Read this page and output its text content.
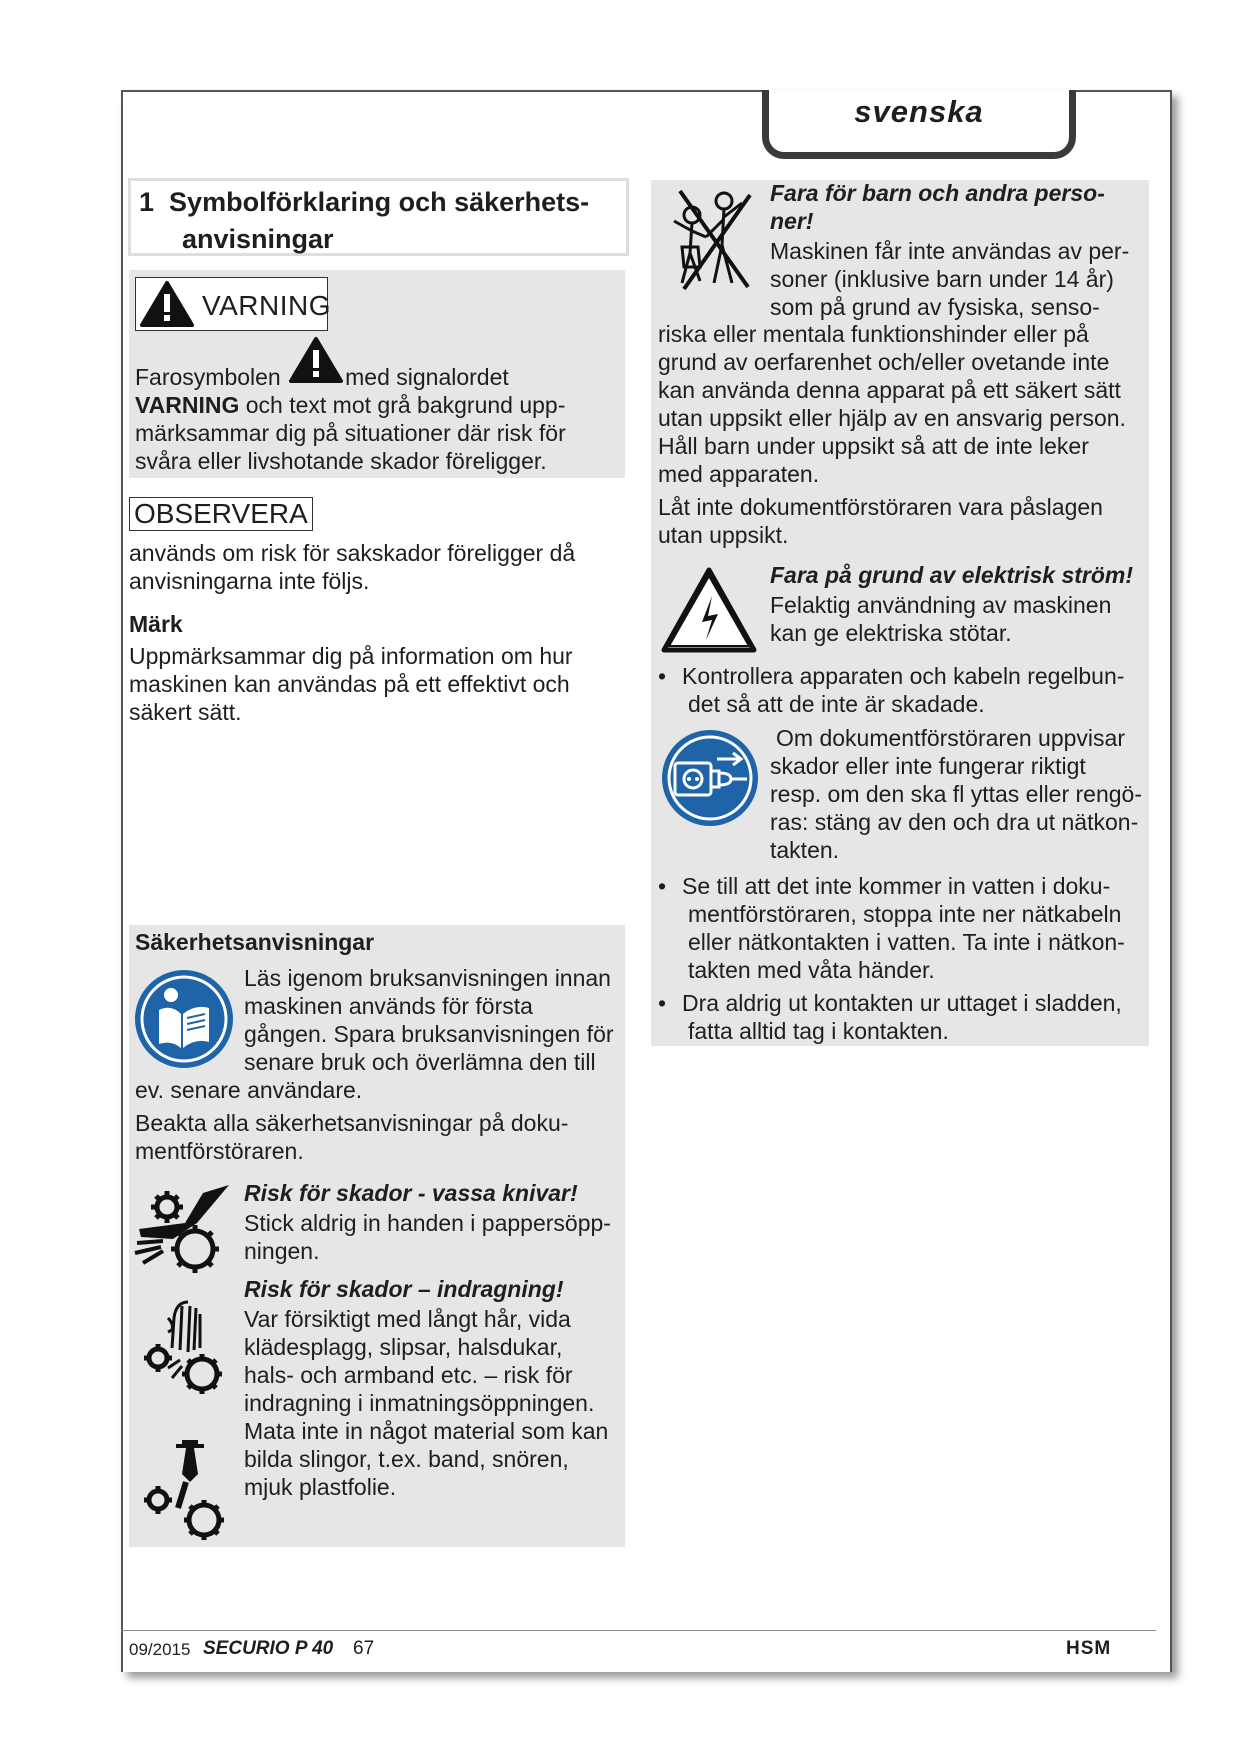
svenska
1 Symbolförklaring och säkerhets-
anvisningar
VARNING

Farosymbolen	med signalordet

VARNING och text mot grå bakgrund upp-

märksammar dig på situationer där risk för

svåra eller livshotande skador föreligger.

OBSERVERA

används om risk för sakskador föreligger då

anvisningarna inte följs.

Märk

Uppmärksammar dig på information om hur

maskinen kan användas på ett effektivt och

säkert sätt.

Säkerhetsanvisningar

Läs igenom bruksanvisningen innan

maskinen används för första

gången. Spara bruksanvisningen för

senare bruk och överlämna den till

ev. senare användare.

Beakta alla säkerhetsanvisningar på doku-

mentförstöraren.

Risk för skador - vassa knivar!

Stick aldrig in handen i pappersöpp-

ningen.

Risk för skador – indragning!

Var försiktigt med långt hår, vida

klädesplagg, slipsar, halsdukar,

hals- och armband etc. – risk för

indragning i inmatningsöppningen.

Mata inte in något material som kan

bilda slingor, t.ex. band, snören,

mjuk plastfolie.

Fara för barn och andra perso-

ner!

Maskinen får inte användas av per-

soner (inklusive barn under 14 år)

som på grund av fysiska, senso-

riska eller mentala funktionshinder eller på

grund av oerfarenhet och/eller ovetande inte

kan använda denna apparat på ett säkert sätt

utan uppsikt eller hjälp av en ansvarig person.

Håll barn under uppsikt så att de inte leker

med apparaten.

Låt inte dokumentförstöraren vara påslagen

utan uppsikt.

Fara på grund av elektrisk ström!

Felaktig användning av maskinen

kan ge elektriska stötar.

• Kontrollera apparaten och kabeln regelbun-

det så att de inte är skadade.

Om dokumentförstöraren uppvisar

skador eller inte fungerar riktigt

resp. om den ska fl yttas eller rengö-

ras: stäng av den och dra ut nätkon-

takten.

• Se till att det inte kommer in vatten i doku-

mentförstöraren, stoppa inte ner nätkabeln

eller nätkontakten i vatten. Ta inte i nätkon-

takten med våta händer.

• Dra aldrig ut kontakten ur uttaget i sladden,

fatta alltid tag i kontakten.

09/2015 SECURIO P 40 67	HSM
